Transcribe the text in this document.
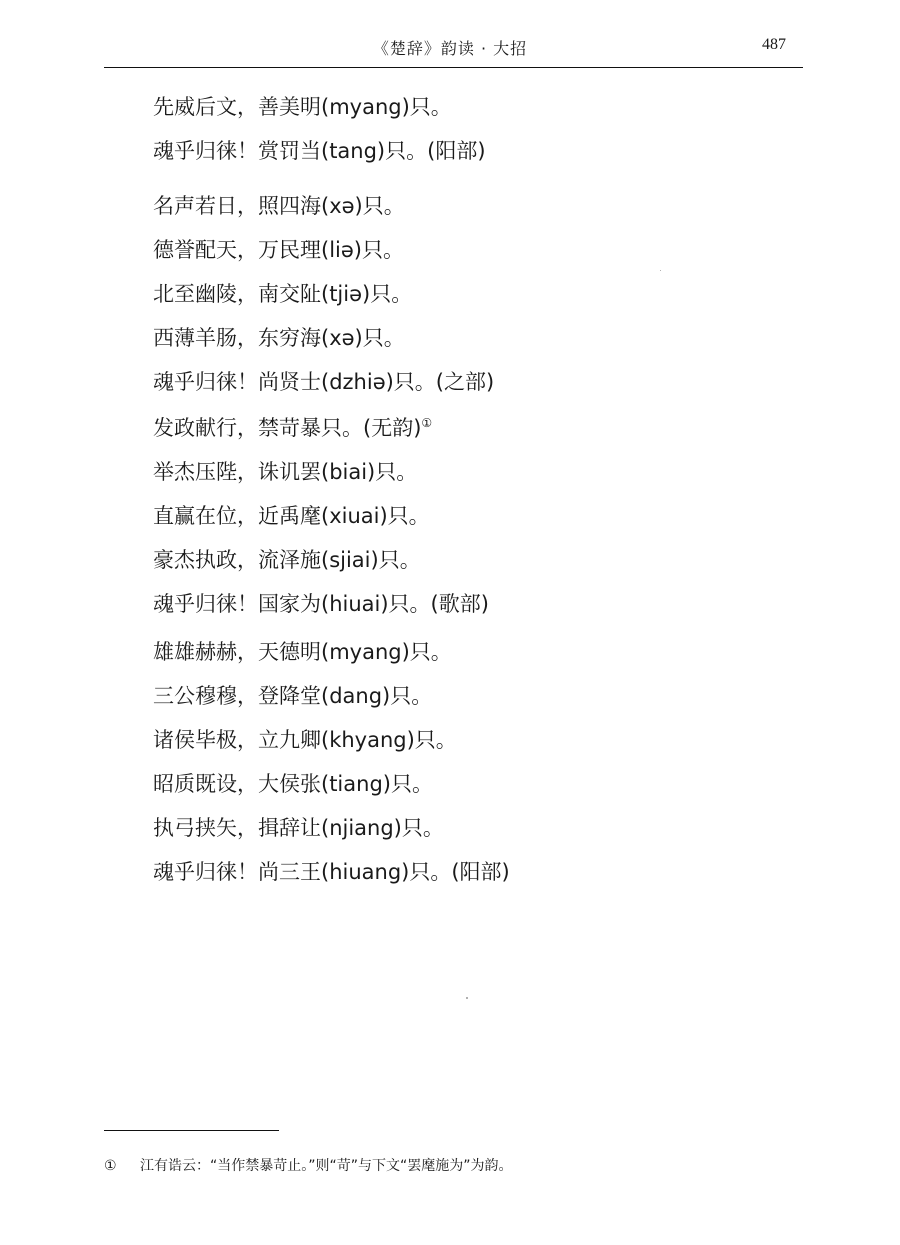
《楚辞》韵读 · 大招	487
先威后文，善美明(myang)只。
魂乎归徕！赏罚当(tang)只。(阳部)
名声若日，照四海(xə)只。
德誉配天，万民理(liə)只。
北至幽陵，南交阯(tjiə)只。
西薄羊肠，东穷海(xə)只。
魂乎归徕！尚贤士(dzhiə)只。(之部)
发政献行，禁苛暴只。(无韵)①
举杰压陛，诛讥罢(biai)只。
直赢在位，近禹麾(xiuai)只。
豪杰执政，流泽施(sjiai)只。
魂乎归徕！国家为(hiuai)只。(歌部)
雄雄赫赫，天德明(myang)只。
三公穆穆，登降堂(dang)只。
诸侯毕极，立九卿(khyang)只。
昭质既设，大侯张(tiang)只。
执弓挟矢，揖辞让(njiang)只。
魂乎归徕！尚三王(hiuang)只。(阳部)
① 江有诰云：“当作禁暴苛止。”则“苛”与下文“罢麾施为”为韵。
